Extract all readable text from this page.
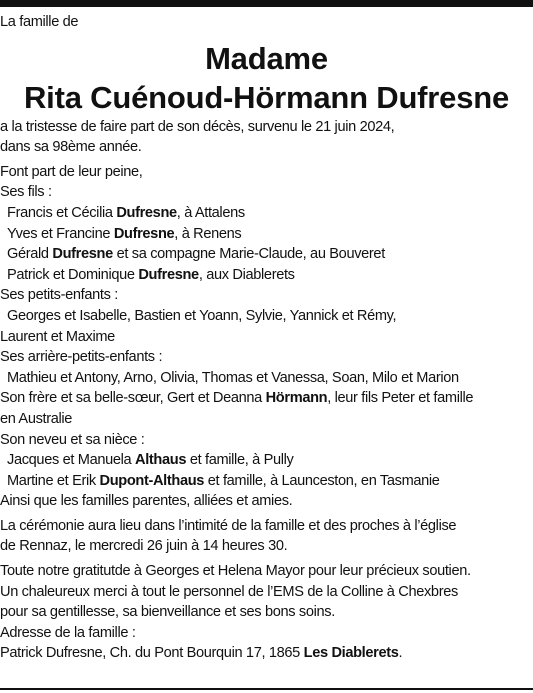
La famille de
Madame
Rita Cuénoud-Hörmann Dufresne
a la tristesse de faire part de son décès, survenu le 21 juin 2024,
dans sa 98ème année.
Font part de leur peine,
Ses fils :
Francis et Cécilia Dufresne, à Attalens
Yves et Francine Dufresne, à Renens
Gérald Dufresne et sa compagne Marie-Claude, au Bouveret
Patrick et Dominique Dufresne, aux Diablerets
Ses petits-enfants :
Georges et Isabelle, Bastien et Yoann, Sylvie, Yannick et Rémy,
Laurent et Maxime
Ses arrière-petits-enfants :
Mathieu et Antony, Arno, Olivia, Thomas et Vanessa, Soan, Milo et Marion
Son frère et sa belle-sœur, Gert et Deanna Hörmann, leur fils Peter et famille
en Australie
Son neveu et sa nièce :
Jacques et Manuela Althaus et famille, à Pully
Martine et Erik Dupont-Althaus et famille, à Launceston, en Tasmanie
Ainsi que les familles parentes, alliées et amies.
La cérémonie aura lieu dans l’intimité de la famille et des proches à l’église
de Rennaz, le mercredi 26 juin à 14 heures 30.
Toute notre gratitutde à Georges et Helena Mayor pour leur précieux soutien.
Un chaleureux merci à tout le personnel de l’EMS de la Colline à Chexbres
pour sa gentillesse, sa bienveillance et ses bons soins.
Adresse de la famille :
Patrick Dufresne, Ch. du Pont Bourquin 17, 1865 Les Diablerets.
